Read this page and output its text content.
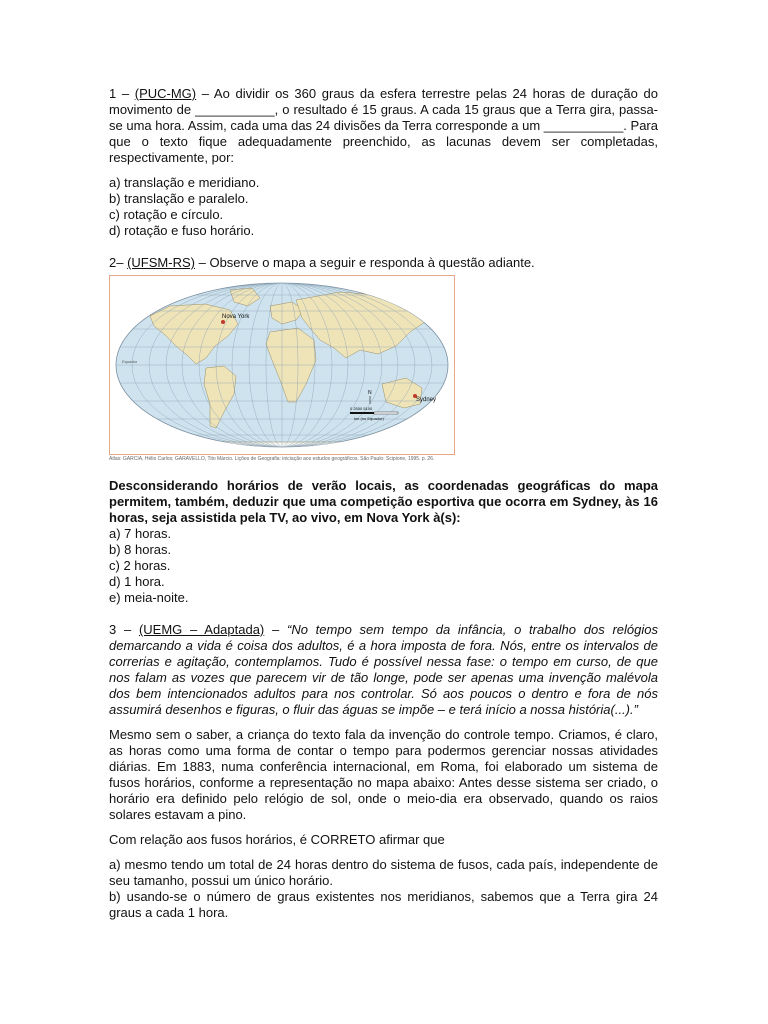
1 – (PUC-MG) – Ao dividir os 360 graus da esfera terrestre pelas 24 horas de duração do movimento de ___________, o resultado é 15 graus. A cada 15 graus que a Terra gira, passa-se uma hora. Assim, cada uma das 24 divisões da Terra corresponde a um ___________. Para que o texto fique adequadamente preenchido, as lacunas devem ser completadas, respectivamente, por:

a) translação e meridiano.

b) translação e paralelo.

c) rotação e círculo.

d) rotação e fuso horário.

2– (UFSM-RS) – Observe o mapa a seguir e responda à questão adiante.

Nova York
Sydney
Equador
N
0 2550 5100
km (no Equador)
Atlas: GARCIA, Hélio Carlos; GARAVELLO, Tito Márcio. Lições de Geografia: iniciação aos estudos geográficos. São Paulo: Scipione, 1995. p. 26.

Desconsiderando horários de verão locais, as coordenadas geográficas do mapa permitem, também, deduzir que uma competição esportiva que ocorra em Sydney, às 16 horas, seja assistida pela TV, ao vivo, em Nova York à(s):

a) 7 horas.

b) 8 horas.

c) 2 horas.

d) 1 hora.

e) meia-noite.

3 – (UEMG – Adaptada) – “No tempo sem tempo da infância, o trabalho dos relógios demarcando a vida é coisa dos adultos, é a hora imposta de fora. Nós, entre os intervalos de correrias e agitação, contemplamos. Tudo é possível nessa fase: o tempo em curso, de que nos falam as vozes que parecem vir de tão longe, pode ser apenas uma invenção malévola dos bem intencionados adultos para nos controlar. Só aos poucos o dentro e fora de nós assumirá desenhos e figuras, o fluir das águas se impõe – e terá início a nossa história(...).”

Mesmo sem o saber, a criança do texto fala da invenção do controle tempo. Criamos, é claro, as horas como uma forma de contar o tempo para podermos gerenciar nossas atividades diárias. Em 1883, numa conferência internacional, em Roma, foi elaborado um sistema de fusos horários, conforme a representação no mapa abaixo: Antes desse sistema ser criado, o horário era definido pelo relógio de sol, onde o meio-dia era observado, quando os raios solares estavam a pino.

Com relação aos fusos horários, é CORRETO afirmar que

a) mesmo tendo um total de 24 horas dentro do sistema de fusos, cada país, independente de seu tamanho, possui um único horário.

b) usando-se o número de graus existentes nos meridianos, sabemos que a Terra gira 24 graus a cada 1 hora.
